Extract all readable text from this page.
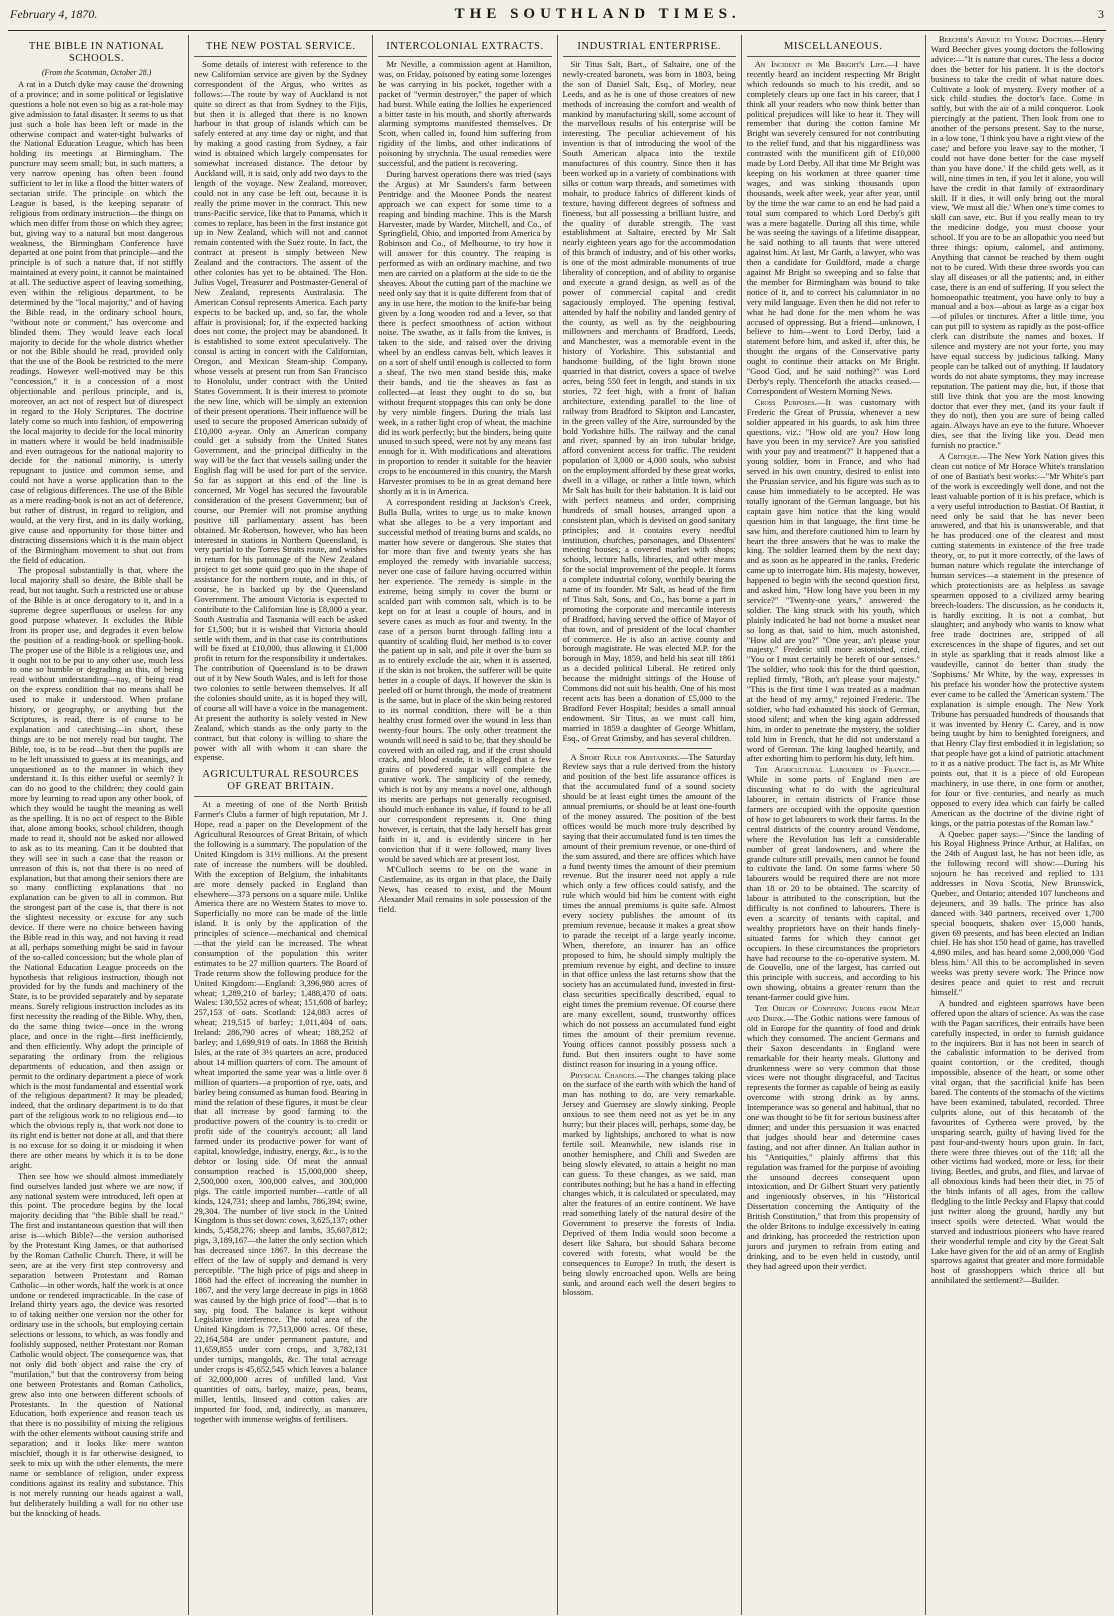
February 4, 1870.	THE SOUTHLAND TIMES.	3
THE BIBLE IN NATIONAL SCHOOLS.
(From the Scotsman, October 28.)

A rat in a Dutch dyke may cause the drowning of a province; and in some political or legislative questions a hole not even so big as a rat-hole may give admission to fatal disaster. It seems to us that just such a hole has been left or made in the otherwise compact and water-tight bulwarks of the National Education League, which has been holding its meetings at Birmingham. The puncture may seem small; but, in such matters, a very narrow opening has often been found sufficient to let in like a flood the bitter waters of sectarian strife. The principle on which the League is based, is the keeping separate of religious from ordinary instruction—the things on which men differ from those on which they agree; but, giving way to a natural but most dangerous weakness, the Birmingham Conference have departed at one point from that principle—and the principle is of such a nature that, if not stiffly maintained at every point, it cannot be maintained at all. The seductive aspect of leaving something, even within the religious department, to be determined by the "local majority," and of having the Bible read, in the ordinary school hours, "without note or comment," has overcome and blinded them. They would leave each local majority to decide for the whole district whether or not the Bible should be read, provided only that the use of the Book be restricted to the mere readings. However well-motived may be this "concession," it is a concession of a most objectionable and perilous principle, and is, moreover, an act not of respect but of disrespect in regard to the Holy Scriptures. The doctrine lately come so much into fashion, of empowering the local majority to decide for the local minority in matters where it would be held inadmissible and even outrageous for the national majority to decide for the national minority, is utterly repugnant to justice and common sense, and could not have a worse application than to the case of religious differences. The use of the Bible as a mere reading-book is not an act of deference, but rather of distrust, in regard to religion, and would, at the very first, and in its daily working, give cause and opportunity for those bitter and distracting dissensions which it is the main object of the Birmingham movement to shut out from the field of education.

The proposal substantially is that, where the local majority shall so desire, the Bible shall be read, but not taught. Such a restricted use or abuse of the Bible is at once derogatory to it, and in a supreme degree superfluous or useless for any good purpose whatever. It excludes the Bible from its proper use, and degrades it even below the position of a reading-book or spelling-book. The proper use of the Bible is a religious use, and it ought not to be put to any other use, much less to one so humble or degrading as this, of being read without understanding—nay, of being read on the express condition that no means shall be used to make it understood. When profane history, or geography, or anything but the Scriptures, is read, there is of course to be explanation and catechising—in short, these things are to be not merely read but taught. The Bible, too, is to be read—but then the pupils are to be left unassisted to guess at its meanings, and unquestioned as to the manner in which they understand it. Is this either useful or seemly? It can do no good to the children; they could gain more by learning to read upon any other book, of which they would be taught the meaning as well as the spelling. It is no act of respect to the Bible that, alone among books, school children, though made to read it, should not be asked nor allowed to ask as to its meaning. Can it be doubted that they will see in such a case that the reason or unreason of this is, not that there is no need of explanation, but that among their seniors there are so many conflicting explanations that no explanation can be given to all in common. But the strongest part of the case is, that there is not the slightest necessity or excuse for any such device. If there were no choice between having the Bible read in this way, and not having it read at all, perhaps something might be said in favour of the so-called concession; but the whole plan of the National Education League proceeds on the hypothesis that religious instruction, though not provided for by the funds and machinery of the State, is to be provided separately and by separate means. Surely religious instruction includes as its first necessity the reading of the Bible. Why, then, do the same thing twice—once in the wrong place, and once in the right—first inefficiently, and then efficiently. Why adopt the principle of separating the ordinary from the religious departments of education, and then assign or permit to the ordinary department a piece of work which is the most fundamental and essential work of the religious department? It may be pleaded, indeed, that the ordinary department is to do that part of the religious work to no religious end—to which the obvious reply is, that work not done to its right end is better not done at all, and that there is no excuse for so doing it or misdoing it when there are other means by which it is to be done aright.

Then see how we should almost immediately find ourselves landed just where we are now, if any national system were introduced, left open at this point. The procedure begins by the local majority deciding that "the Bible shall be read." The first and instantaneous question that will then arise is—which Bible?—the version authorised by the Protestant King James, or that authorised by the Roman Catholic Church. There, it will be seen, are at the very first step controversy and separation between Protestant and Roman Catholic—in other words, half the work is at once undone or rendered impracticable. In the case of Ireland thirty years ago, the device was resorted to of taking neither one version nor the other for ordinary use in the schools, but employing certain selections or lessons, to which, as was fondly and foolishly supposed, neither Protestant nor Roman Catholic would object. The consequence was, that not only did both object and raise the cry of "mutilation," but that the controversy from being one between Protestants and Roman Catholics, grew also into one between different schools of Protestants. In the question of National Education, both experience and reason teach us that there is no possibility of mixing the religious with the other elements without causing strife and separation; and it looks like mere wanton mischief, though it is far otherwise designed, to seek to mix up with the other elements, the mere name or semblance of religion, under express conditions against its reality and substance. This is not merely running our heads against a wall, but deliberately building a wall for no other use but the knocking of heads.

THE NEW POSTAL SERVICE.

Some details of interest with reference to the new Californian service are given by the Sydney correspondent of the Argus, who writes as follows:—The route by way of Auckland is not quite so direct as that from Sydney to the Fijis, but then it is alleged that there is no known harbour in that group of islands which can be safely entered at any time day or night, and that by making a good casting from Sydney, a fair wind is obtained which largely compensates for somewhat increased distance. The detour by Auckland will, it is said, only add two days to the length of the voyage. New Zealand, moreover, could not in any case be left out, because it is really the prime mover in the contract. This new trans-Pacific service, like that to Panama, which it comes to replace, has been in the first instance got up in New Zealand, which will not and cannot remain contented with the Suez route. In fact, the contract at present is simply between New Zealand and the contractors. The assent of the other colonies has yet to be obtained. The Hon. Julius Vogel, Treasurer and Postmaster-General of New Zealand, represents Australasia. The American Consul represents America. Each party expects to be backed up, and, so far, the whole affair is provisional; for, if the expected backing does not come, the project may be abandoned. It is established to some extent speculatively. The consul is acting in concert with the Californian, Oregon, and Mexican Steam-ship Company, whose vessels at present run from San Francisco to Honolulu, under contract with the United States Government. It is their interest to promote the new line, which will be simply an extension of their present operations. Their influence will be used to secure the proposed American subsidy of £10,000 a-year. Only an American company could get a subsidy from the United States Government, and the principal difficulty in the way will be the fact that vessels sailing under the English flag will be used for part of the service. So far as support at this end of the line is concerned, Mr Vogel has secured the favourable consideration of the present Government; but of course, our Premier will not promise anything positive till parliamentary assent has been obtained. Mr Robertson, however, who has been interested in stations in Northern Queensland, is very partial to the Torres Straits route, and wishes in return for his patronage of the New Zealand project to get some quid pro quo in the shape of assistance for the northern route, and in this, of course, he is backed up by the Queensland Government. The amount Victoria is expected to contribute to the Californian line is £8,000 a year. South Australia and Tasmania will each be asked for £1,500; but it is wished that Victoria should settle with them, and in that case its contributions will be fixed at £10,000, thus allowing it £1,000 profit in return for the responsibility it undertakes. The contribution of Queensland is to be drawn out of it by New South Wales, and is left for those two colonies to settle between themselves. If all the colonies should unite, as it is hoped they will, of course all will have a voice in the management. At present the authority is solely vested in New Zealand, which stands as the only party to the contract, but that colony is willing to share the power with all with whom it can share the expense.

AGRICULTURAL RESOURCES OF GREAT BRITAIN.

At a meeting of one of the North British Farmer's Clubs a farmer of high reputation, Mr J. Hope, read a paper on the Development of the Agricultural Resources of Great Britain, of which the following is a summary. The population of the United Kingdom is 31½ millions. At the present rate of increase the numbers will be doubled. With the exception of Belgium, the inhabitants are more densely packed in England than elsewhere—373 persons on a square mile. Unlike America there are no Western States to move to. Superficially no more can be made of the little island. It is only by the application of the principles of science—mechanical and chemical—that the yield can be increased. The wheat consumption of the population this writer estimates to be 27 million quarters. The Board of Trade returns show the following produce for the United Kingdom:—England: 3,396,980 acres of wheat; 1,289,210 of barley; 1,488,470 of oats. Wales: 130,552 acres of wheat; 151,608 of barley; 257,153 of oats. Scotland: 124,083 acres of wheat; 219,515 of barley; 1,011,404 of oats. Ireland: 286,790 acres of wheat; 188,252 of barley; and 1,699,919 of oats. In 1868 the British Isles, at the rate of 3½ quarters an acre, produced about 14 million quarters of corn. The amount of wheat imported the same year was a little over 8 million of quarters—a proportion of rye, oats, and barley being consumed as human food. Bearing in mind the relation of these figures, it must be clear that all increase by good farming to the productive powers of the country is to credit or profit side of the country's account; all land farmed under its productive power for want of capital, knowledge, industry, energy, &c., is to the debtor or losing side. Of meat the annual consumption reached is 15,000,000 sheep, 2,500,000 oxen, 300,000 calves, and 300,000 pigs. The cattle imported number—cattle of all kinds, 124,731; sheep and lambs, 786,394; swine, 29,304. The number of live stock in the United Kingdom is thus set down: cows, 3,625,137; other kinds, 5,458,276; sheep and lambs, 35,607,812; pigs, 3,189,167—the latter the only section which has decreased since 1867. In this decrease the effect of the law of supply and demand is very perceptible. "The high price of pigs and sheep in 1868 had the effect of increasing the number in 1867, and the very large decrease in pigs in 1868 was caused by the high price of food"—that is to say, pig food. The balance is kept without Legislative interference. The total area of the United Kingdom is 77,513,000 acres. Of these, 22,164,584 are under permanent pasture, and 11,659,855 under corn crops, and 3,782,131 under turnips, mangolds, &c. The total acreage under crops is 45,652,545 which leaves a balance of 32,000,000 acres of unfilled land. Vast quantities of oats, barley, maize, peas, beans, millet, lentils, linseed and cotton cakes are imported for food, and, indirectly, as manures, together with immense weights of fertilisers.

INTERCOLONIAL EXTRACTS.

Mr Neville, a commission agent at Hamilton, was, on Friday, poisoned by eating some lozenges he was carrying in his pocket, together with a packet of "vermin destroyer," the paper of which had burst. While eating the lollies he experienced a bitter taste in his mouth, and shortly afterwards alarming symptoms manifested themselves. Dr Scott, when called in, found him suffering from rigidity of the limbs, and other indications of poisoning by strychnia. The usual remedies were successful, and the patient is recovering.

During harvest operations there was tried (says the Argus) at Mr Saunders's farm between Pentridge and the Moonee Ponds the nearest approach we can expect for some time to a reaping and binding machine. This is the Marsh Harvester, made by Warder, Mitchell, and Co., of Springfield, Ohio, and imported from America by Robinson and Co., of Melbourne, to try how it will answer for this country. The reaping is performed as with an ordinary machine, and two men are carried on a platform at the side to tie the sheaves. About the cutting part of the machine we need only say that it is quite different from that of any in use here, the motion to the knife-bar being given by a long wooden rod and a lever, so that there is perfect smoothness of action without noise. The swathe, as it falls from the knives, is taken to the side, and raised over the driving wheel by an endless canvas belt, which leaves it on a sort of shelf until enough is collected to form a sheaf. The two men stand beside this, make their bands, and tie the sheaves as fast as collected—at least they ought to do so, but without frequent stoppages this can only be done by very nimble fingers. During the trials last week, in a rather light crop of wheat, the machine did its work perfectly; but the binders, being quite unused to such speed, were not by any means fast enough for it. With modifications and alterations in proportion to render it suitable for the heavier crops to be encountered in this country, the Marsh Harvester promises to be in as great demand here shortly as it is in America.

A correspondent residing at Jackson's Creek, Bulla Bulla, writes to urge us to make known what she alleges to be a very important and successful method of treating burns and scalds, no matter how severe or dangerous. She states that for more than five and twenty years she has employed the remedy with invariable success, never one case of failure having occurred within her experience. The remedy is simple in the extreme, being simply to cover the burnt or scalded part with common salt, which is to be kept on for at least a couple of hours, and in severe cases as much as four and twenty. In the case of a person burnt through falling into a quantity of scalding fluid, her method is to cover the patient up in salt, and pile it over the burn so as to entirely exclude the air, when it is asserted, if the skin is not broken, the sufferer will be quite better in a couple of days. If however the skin is peeled off or burnt through, the mode of treatment is the same, but in place of the skin being restored to its normal condition, there will be a thin healthy crust formed over the wound in less than twenty-four hours. The only other treatment the wounds will need is said to be, that they should be covered with an oiled rag, and if the crust should crack, and blood exude, it is alleged that a few grains of powdered sugar will complete the curative work. The simplicity of the remedy, which is not by any means a novel one, although its merits are perhaps not generally recognised, should much enhance its value, if found to be all our correspondent represents it. One thing however, is certain, that the lady herself has great faith in it, and is evidently sincere in her conviction that if it were followed, many lives would be saved which are at present lost.

M'Culloch seems to be on the wane in Castlemaine, as its organ in that place, the Daily News, has ceased to exist, and the Mount Alexander Mail remains in sole possession of the field.

INDUSTRIAL ENTERPRISE.

Sir Titus Salt, Bart., of Saltaire, one of the newly-created baronets, was born in 1803, being the son of Daniel Salt, Esq., of Morley, near Leeds, and as he is one of those creators of new methods of increasing the comfort and wealth of mankind by manufacturing skill, some account of the marvellous results of his enterprise will be interesting. The peculiar achievement of his invention is that of introducing the wool of the South American alpaca into the textile manufactures of this country. Since then it has been worked up in a variety of combinations with silks or cotton warp threads, and sometimes with mohair, to produce fabrics of different kinds of texture, having different degrees of softness and fineness, but all possessing a brilliant lustre, and the quality of durable strength. The vast establishment at Saltaire, erected by Mr Salt nearly eighteen years ago for the accommodation of this branch of industry, and of his other works, is one of the most admirable monuments of true liberality of conception, and of ability to organise and execute a grand design, as well as of the power of commercial capital and credit sagaciously employed. The opening festival, attended by half the nobility and landed gentry of the county, as well as by the neighbouring millowners and merchants of Bradford, Leeds, and Manchester, was a memorable event in the history of Yorkshire. This substantial and handsome building, of the light brown stone quarried in that district, covers a space of twelve acres, being 550 feet in length, and stands in six stories, 72 feet high, with a front of Italian architecture, extending parallel to the line of railway from Bradford to Skipton and Lancaster, in the green valley of the Aire, surrounded by the bold Yorkshire hills. The railway and the canal and river, spanned by an iron tubular bridge, afford convenient access for traffic. The resident population of 3,000 or 4,000 souls, who subsist on the employment afforded by these great works, dwell in a village, or rather a little town, which Mr Salt has built for their habitation. It is laid out with perfect neatness and order, comprising hundreds of small houses, arranged upon a consistent plan, which is devised on good sanitary principles; and it contains every needful institution, churches, parsonages, and Dissenters' meeting houses; a covered market with shops; schools, lecture halls, libraries, and other means for the social improvement of the people. It forms a complete industrial colony, worthily bearing the name of its founder. Mr Salt, as head of the firm of Titus Salt, Sons, and Co., has borne a part in promoting the corporate and mercantile interests of Bradford, having served the office of Mayor of that town, and of president of the local chamber of commerce. He is also an active county and borough magistrate. He was elected M.P. for the borough in May, 1859, and held his seat till 1861 as a decided political Liberal. He retired only because the midnight sittings of the House of Commons did not suit his health. One of his most recent acts has been a donation of £5,000 to the Bradford Fever Hospital; besides a small annual endowment. Sir Titus, as we must call him, married in 1859 a daughter of George Whitlam, Esq., of Great Grimsby, and has several children.

A Short Rule for Abstainers.—The Saturday Review says that a rule derived from the history and position of the best life assurance offices is that the accumulated fund of a sound society should be at least eight times the amount of the annual premiums, or should be at least one-fourth of the money assured. The position of the best offices would be much more truly described by saying that their accumulated fund is ten times the amount of their premium revenue, or one-third of the sum assured, and there are offices which have a fund twenty times the amount of their premium revenue. But the insurer need not apply a rule which only a few offices could satisfy, and the rule which would bid him be content with eight times the annual premiums is quite safe. Almost every society publishes the amount of its premium revenue, because it makes a great show to parade the receipt of a large yearly income. When, therefore, an insurer has an office proposed to him, he should simply multiply the premium revenue by eight, and decline to insure in that office unless the last returns show that the society has an accumulated fund, invested in first-class securities specifically described, equal to eight times the premium revenue. Of course there are many excellent, sound, trustworthy offices which do not possess an accumulated fund eight times the amount of their premium revenue. Young offices cannot possibly possess such a fund. But then insurers ought to have some distinct reason for insuring in a young office.

Physical Changes.—The changes taking place on the surface of the earth with which the hand of man has nothing to do, are very remarkable. Jersey and Guernsey are slowly sinking. People anxious to see them need not as yet be in any hurry; but their places will, perhaps, some day, be marked by lightships, anchored to what is now fertile soil. Meanwhile, new islands rise in another hemisphere, and Chili and Sweden are being slowly elevated, to attain a height no man can guess. To these changes, as we said, man contributes nothing; but he has a hand in effecting changes which, it is calculated or speculated, may alter the features of an entire continent. We have read something lately of the natural desire of the Government to preserve the forests of India. Deprived of them India would soon become a desert like Sahara, but should Sahara become covered with forests, what would be the consequences to Europe? In truth, the desert is being slowly encroached upon. Wells are being sunk, and around each well the desert begins to blossom.

MISCELLANEOUS.

An Incident in Mr Bright's Life.—I have recently heard an incident respecting Mr Bright which redounds so much to his credit, and so completely clears up one fact in his career, that I think all your readers who now think better than political prejudices will like to hear it. They will remember that during the cotton famine Mr Bright was severely censured for not contributing to the relief fund, and that his niggardliness was contrasted with the munificent gift of £10,000 made by Lord Derby. All that time Mr Bright was keeping on his workmen at three quarter time wages, and was sinking thousands upon thousands, week after week, year after year, until by the time the war came to an end he had paid a total sum compared to which Lord Derby's gift was a mere bagatelle. During all this time, while he was seeing the savings of a lifetime disappear, he said nothing to all taunts that were uttered against him. At last, Mr Garth, a lawyer, who was then a candidate for Guildford, made a charge against Mr Bright so sweeping and so false that the member for Birmingham was bound to take notice of it, and to correct his calumniator in no very mild language. Even then he did not refer to what he had done for the men whom he was accused of oppressing. But a friend—unknown, I believe to him—went to Lord Derby, laid a statement before him, and asked if, after this, he thought the organs of the Conservative party ought to continue their attacks on Mr Bright. "Good God, and he said nothing?" was Lord Derby's reply. Thenceforth the attacks ceased.—Correspondent of Western Morning News.

Cross Purposes.—It was customary with Frederic the Great of Prussia, whenever a new soldier appeared in his guards, to ask him three questions, viz.: "How old are you? How long have you been in my service? Are you satisfied with your pay and treatment?" It happened that a young soldier, born in France, and who had served in his own country, desired to enlist into the Prussian service, and his figure was such as to cause him immediately to be accepted. He was totally ignorant of the German language, but his captain gave him notice that the king would question him in that language, the first time he saw him, and therefore cautioned him to learn by heart the three answers that he was to make the king. The soldier learned them by the next day; and as soon as he appeared in the ranks, Frederic came up to interrogate him. His majesty, however, happened to begin with the second question first, and asked him, "How long have you been in my service?" "Twenty-one years," answered the soldier. The king struck with his youth, which plainly indicated he had not borne a musket near so long as that, said to him, much astonished, "How old are you?" "One year, an't please your majesty." Frederic still more astonished, cried, "You or I must certainly be bereft of our senses." The soldier, who took this for the third question, replied firmly, "Both, an't please your majesty." "This is the first time I was treated as a madman at the head of my army," rejoined Frederic. The soldier, who had exhausted his stock of German, stood silent; and when the king again addressed him, in order to penetrate the mystery, the soldier told him in French, that he did not understand a word of German. The king laughed heartily, and after exhorting him to perform his duty, left him.

The Agricultural Labourer in France.—While in some parts of England men are discussing what to do with the agricultural labourer, in certain districts of France those farmers are occupied with the opposite question of how to get labourers to work their farms. In the central districts of the country around Vendome, where the Revolution has left a considerable number of great landowners, and where the grande culture still prevails, men cannot be found to cultivate the land. On some farms where 50 labourers would be required there are not more than 18 or 20 to be obtained. The scarcity of labour is attributed to the conscription, but the difficulty is not confined to labourers. There is even a scarcity of tenants with capital, and wealthy proprietors have on their hands finely-situated farms for which they cannot get occupiers. In these circumstances the proprietors have had recourse to the co-operative system. M. de Gouvello, one of the largest, has carried out this principle with success, and according to his own showing, obtains a greater return than the tenant-farmer could give him.

The Origin of Confining Jurors from Meat and Drink.—The Gothic nations were famous of old in Europe for the quantity of food and drink which they consumed. The ancient Germans and their Saxon descendants in England were remarkable for their hearty meals. Gluttony and drunkenness were so very common that those vices were not thought disgraceful, and Tacitus represents the former as capable of being as easily overcome with strong drink as by arms. Intemperance was so general and habitual, that no one was thought to be fit for serious business after dinner; and under this persuasion it was enacted that judges should hear and determine cases fasting, and not after dinner. An Italian author in his "Antiquities," plainly affirms that this regulation was framed for the purpose of avoiding the unsound decrees consequent upon intoxication, and Dr Gilbert Stuart very patiently and ingeniously observes, in his "Historical Dissertation concerning the Antiquity of the British Constitution," that from this propensity of the older Britons to indulge excessively in eating and drinking, has proceeded the restriction upon jurors and jurymen to refrain from eating and drinking, and to be even held in custody, until they had agreed upon their verdict.

Beecher's Advice to Young Doctors.—Henry Ward Beecher gives young doctors the following advice:—"It is nature that cures. The less a doctor does the better for his patient. It is the doctor's business to take the credit of what nature does. Cultivate a look of mystery. Every mother of a sick child studies the doctor's face. Come in softly, but with the air of a mild conqueror. Look piercingly at the patient. Then look from one to another of the persons present. Say to the nurse, in a low tone, 'I think you have a right view of the case;' and before you leave say to the mother, 'I could not have done better for the case myself than you have done.' If the child gets well, as it will, nine times in ten, if you let it alone, you will have the credit in that family of extraordinary skill. If it dies, it will only bring out the moral view, 'We must all die.' When one's time comes to skill can save, etc. But if you really mean to try the medicine dodge, you must choose your school. If you are to be an allopathic you need but three things: opium, calomel, and antimony. Anything that cannot be reached by them ought not to be cured. With these three swords you can slay all diseases or all the patients; and, in either case, there is an end of suffering. If you select the homoeopathic treatment, you have only to buy a manual and a box—about as large as a cigar box—of pilules or tinctures. After a little time, you can put pill to system as rapidly as the post-office clerk can distribute the names and boxes. If silence and mystery are not your forte, you may have equal success by judicious talking. Many people can be talked out of anything. If laudatory words do not abate symptoms, they may increase reputation. The patient may die, but, if those that still live think that you are the most knowing doctor that ever they met, (and its your fault if they do not), then you are sure of being called again. Always have an eye to the future. Whoever dies, see that the living like you. Dead men furnish no practice."

A Critique.—The New York Nation gives this clean cut notice of Mr Horace White's translation of one of Bastiat's best works:—"Mr White's part of the work is exceedingly well done, and not the least valuable portion of it is his preface, which is a very useful introduction to Bastiat. Of Bastiat, it need only be said that he has never been answered, and that his is unanswerable, and that he has produced one of the clearest and most cutting statements in existence of the free trade theory, or, to put it more correctly, of the laws of human nature which regulate the interchange of human services—a statement in the presence of which protectionists are as helpless as savage spearmen opposed to a civilized army bearing breech-loaders. The discussion, as he conducts it, is hardly exciting. It is not a combat, but slaughter; and anybody who wants to know what free trade doctrines are, stripped of all excrescences in the shape of figures, and set out in style as sparkling that it reads almost like a vaudeville, cannot do better than study the 'Sophisms.' Mr White, by the way, expresses in his preface his wonder how the protective system ever came to be called the 'American system.' The explanation is simple enough. The New York Tribune has persuaded hundreds of thousands that it was invented by Henry C. Carey, and is now being taught by him to benighted foreigners, and that Henry Clay first embodied it in legislation; so that people have got a kind of patriotic attachment to it as a native product. The fact is, as Mr White points out, that it is a piece of old European machinery, in use there, in one form or another, for four or five centuries, and nearly as much opposed to every idea which can fairly be called American as the doctrine of the divine right of kings, or the patria potestas of the Roman law."

A Quebec paper says:—"Since the landing of his Royal Highness Prince Arthur, at Halifax, on the 24th of August last, he has not been idle, as the following record will show:—During his sojourn he has received and replied to 131 addresses in Nova Scotia, New Brunswick, Quebec, and Ontario; attended 107 luncheons and dejeuners, and 39 balls. The prince has also danced with 340 partners, received over 1,700 special bouquets, shaken over 15,000 hands, given 69 presents, and has been elected an Indian chief. He has shot 150 head of game, has travelled 4,890 miles, and has heard some 2,000,000 'God bless him.' All this to be accomplished in seven weeks was pretty severe work. The Prince now desires peace and quiet to rest and recruit himself."

A hundred and eighteen sparrows have been offered upon the altars of science. As was the case with the Pagan sacrifices, their entrails have been carefully inspected, in order to furnish guidance to the inquirers. But it has not been in search of the cabalistic information to be derived from quaint contortion, or the credited, though impossible, absence of the heart, or some other vital organ, that the sacrificial knife has been bared. The contents of the stomachs of the victims have been examined, tabulated, recorded. Three culprits alone, out of this hecatomb of the favourites of Cytherea were proved, by the unsparing search, guilty of having lived for the past four-and-twenty hours upon grain. In fact, there were three thieves out of the 118; all the other victims had worked, more or less, for their living. Beetles, and grubs, and flies, and larvae of all obnoxious kinds had been their diet, in 75 of the birds infants of all ages, from the callow fledgling to the little Pecksy and Flapsy that could just twitter along the ground, hardly any but insect spoils were detected. What would the starved and industrious pioneers who have reared their wonderful temple and city by the Great Salt Lake have given for the aid of an army of English sparrows against that greater and more formidable host of grasshoppers which thrice all but annihilated the settlement?—Builder.
